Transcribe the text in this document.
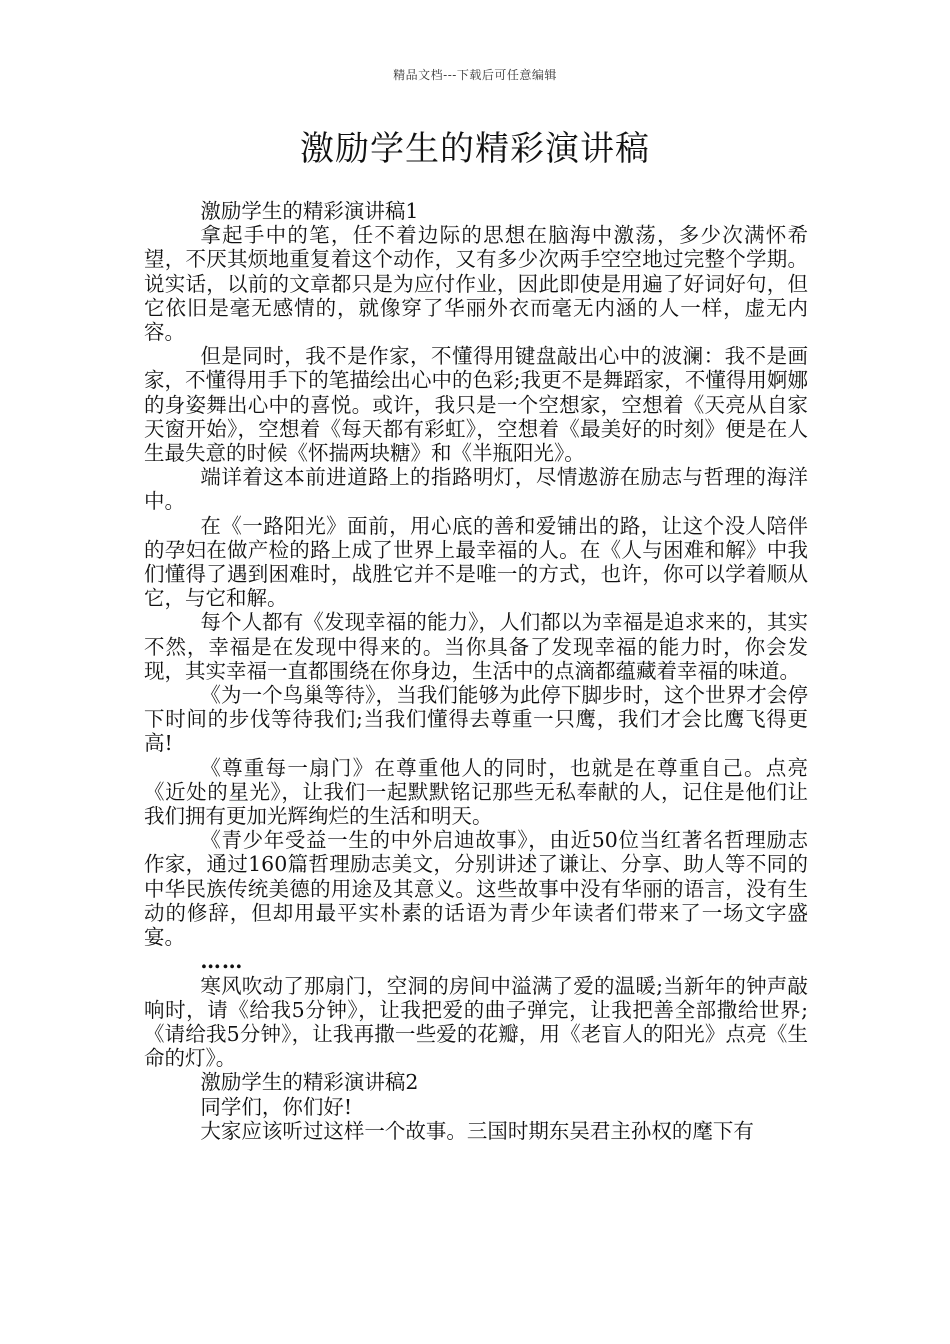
精品文档---下载后可任意编辑
激励学生的精彩演讲稿

激励学生的精彩演讲稿1

拿起手中的笔，任不着边际的思想在脑海中激荡，多少次满怀希望，不厌其烦地重复着这个动作，又有多少次两手空空地过完整个学期。说实话，以前的文章都只是为应付作业，因此即使是用遍了好词好句，但它依旧是毫无感情的，就像穿了华丽外衣而毫无内涵的人一样，虚无内容。

但是同时，我不是作家，不懂得用键盘敲出心中的波澜：我不是画家，不懂得用手下的笔描绘出心中的色彩;我更不是舞蹈家，不懂得用婀娜的身姿舞出心中的喜悦。或许，我只是一个空想家，空想着《天亮从自家天窗开始》，空想着《每天都有彩虹》，空想着《最美好的时刻》便是在人生最失意的时候《怀揣两块糖》和《半瓶阳光》。

端详着这本前进道路上的指路明灯，尽情遨游在励志与哲理的海洋中。

在《一路阳光》面前，用心底的善和爱铺出的路，让这个没人陪伴的孕妇在做产检的路上成了世界上最幸福的人。在《人与困难和解》中我们懂得了遇到困难时，战胜它并不是唯一的方式，也许，你可以学着顺从它，与它和解。

每个人都有《发现幸福的能力》，人们都以为幸福是追求来的，其实不然，幸福是在发现中得来的。当你具备了发现幸福的能力时，你会发现，其实幸福一直都围绕在你身边，生活中的点滴都蕴藏着幸福的味道。

《为一个鸟巢等待》，当我们能够为此停下脚步时，这个世界才会停下时间的步伐等待我们;当我们懂得去尊重一只鹰，我们才会比鹰飞得更高!

《尊重每一扇门》在尊重他人的同时，也就是在尊重自己。点亮《近处的星光》，让我们一起默默铭记那些无私奉献的人，记住是他们让我们拥有更加光辉绚烂的生活和明天。

《青少年受益一生的中外启迪故事》，由近50位当红著名哲理励志作家，通过160篇哲理励志美文，分别讲述了谦让、分享、助人等不同的中华民族传统美德的用途及其意义。这些故事中没有华丽的语言，没有生动的修辞，但却用最平实朴素的话语为青少年读者们带来了一场文字盛宴。

……

寒风吹动了那扇门，空洞的房间中溢满了爱的温暖;当新年的钟声敲响时，请《给我5分钟》，让我把爱的曲子弹完，让我把善全部撒给世界;《请给我5分钟》，让我再撒一些爱的花瓣，用《老盲人的阳光》点亮《生命的灯》。

激励学生的精彩演讲稿2

同学们，你们好!

大家应该听过这样一个故事。三国时期东吴君主孙权的麾下有
